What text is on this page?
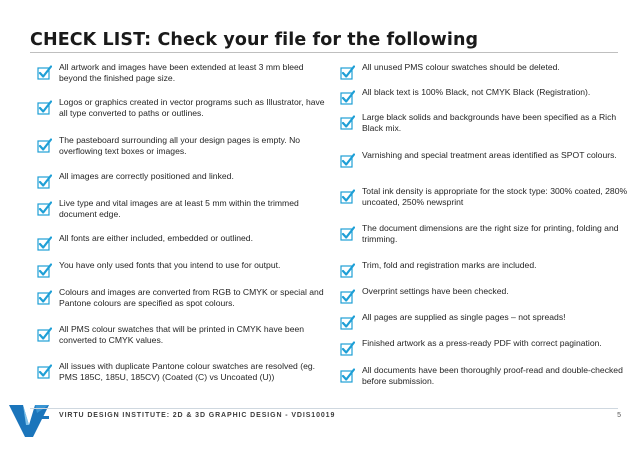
CHECK LIST: Check your file for the following
All artwork and images have been extended at least 3 mm bleed beyond the finished page size.
Logos or graphics created in vector programs such as Illustrator, have all type converted to paths or outlines.
The pasteboard surrounding all your design pages is empty. No overflowing text boxes or images.
All images are correctly positioned and linked.
Live type and vital images are at least 5 mm within the trimmed document edge.
All fonts are either included, embedded or outlined.
You have only used fonts that you intend to use for output.
Colours and images are converted from RGB to CMYK or special and Pantone colours are specified as spot colours.
All PMS colour swatches that will be printed in CMYK have been converted to CMYK values.
All issues with duplicate Pantone colour swatches are resolved (eg. PMS 185C, 185U, 185CV) (Coated (C) vs Uncoated (U))
All unused PMS colour swatches should be deleted.
All black text is 100% Black, not CMYK Black (Registration).
Large black solids and backgrounds have been specified as a Rich Black mix.
Varnishing and special treatment areas identified as SPOT colours.
Total ink density is appropriate for the stock type: 300% coated, 280% uncoated, 250% newsprint
The document dimensions are the right size for printing, folding and trimming.
Trim, fold and registration marks are included.
Overprint settings have been checked.
All pages are supplied as single pages – not spreads!
Finished artwork as a press-ready PDF with correct pagination.
All documents have been thoroughly proof-read and double-checked before submission.
VIRTU DESIGN INSTITUTE: 2D & 3D GRAPHIC DESIGN - VDIS10019	5
